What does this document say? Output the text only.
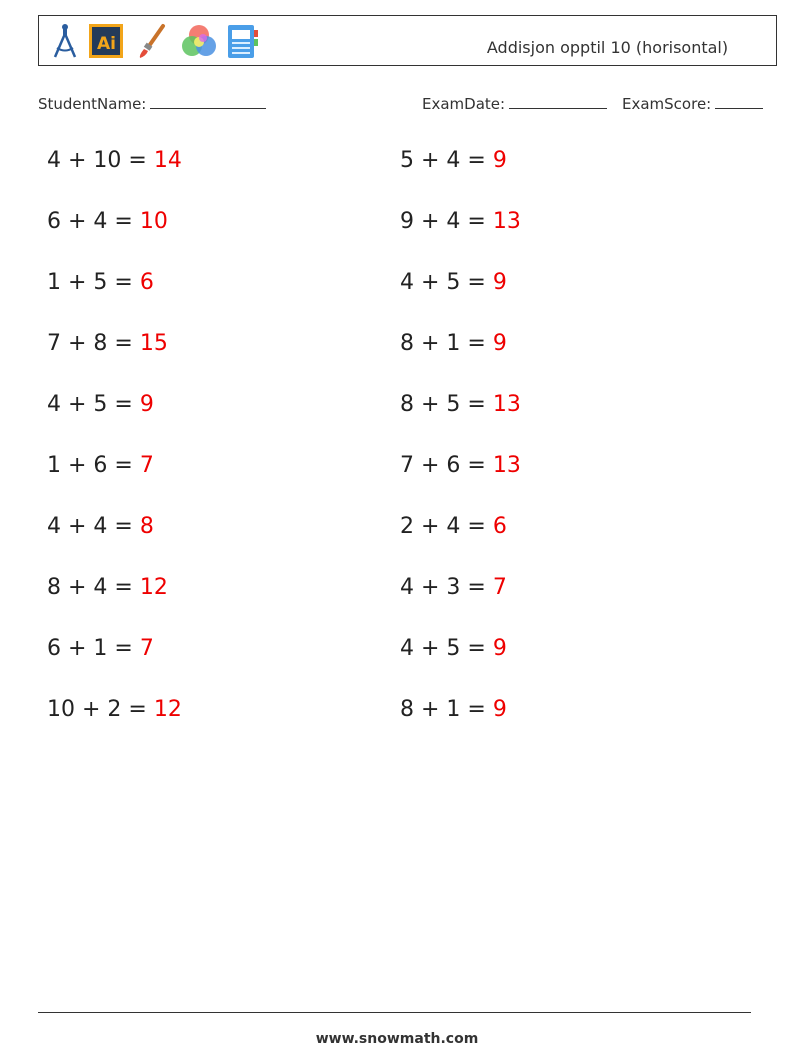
Ai	Addisjon opptil 10 (horisontal)
StudentName:	ExamDate:	ExamScore:
4 + 10 = 14
6 + 4 = 10
1 + 5 = 6
7 + 8 = 15
4 + 5 = 9
1 + 6 = 7
4 + 4 = 8
8 + 4 = 12
6 + 1 = 7
10 + 2 = 12
5 + 4 = 9
9 + 4 = 13
4 + 5 = 9
8 + 1 = 9
8 + 5 = 13
7 + 6 = 13
2 + 4 = 6
4 + 3 = 7
4 + 5 = 9
8 + 1 = 9
www.snowmath.com
